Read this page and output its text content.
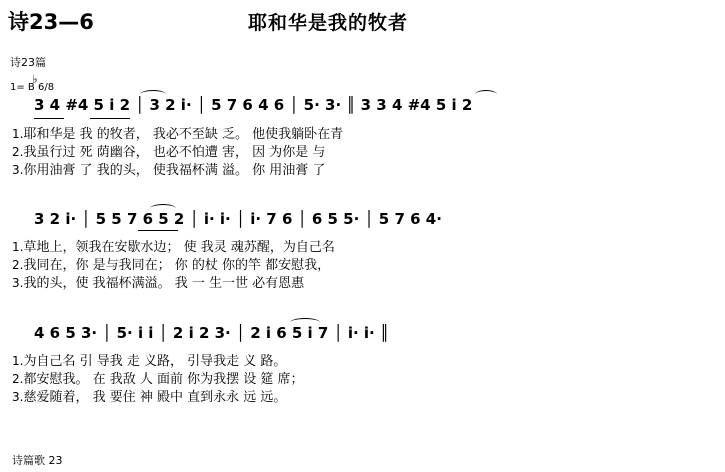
诗23—6	耶和华是我的牧者
诗23篇
♭
1= B 6/8
3 4 #4 5 i 2 │ 3 2 i· │ 5 7 6 4 6 │ 5· 3· ║ 3 3 4 #4 5 i 2
1.耶和华是 我 的牧者， 我必不至缺 乏。 他使我躺卧在青
2.我虽行过 死 荫幽谷， 也必不怕遭 害， 因 为你是 与
3.你用油膏 了 我的头， 使我福杯满 溢。 你 用油膏 了
3 2 i· │ 5 5 7 6 5 2 │ i· i· │ i· 7 6 │ 6 5 5· │ 5 7 6 4·
1.草地上，领我在安歇水边； 使 我灵 魂苏醒，为自己名
2.我同在，你 是与我同在； 你 的杖 你的竿 都安慰我，
3.我的头，使 我福杯满溢。 我 一 生一世 必有恩惠
4 6 5 3· │ 5· i i │ 2 i 2 3· │ 2 i 6 5 i 7 │ i· i· ║
1.为自己名 引 导我 走 义路， 引导我走 义 路。
2.都安慰我。 在 我敌 人 面前 你为我摆 设 筵 席；
3.慈爱随着， 我 要住 神 殿中 直到永永 远 远。
诗篇歌 23
